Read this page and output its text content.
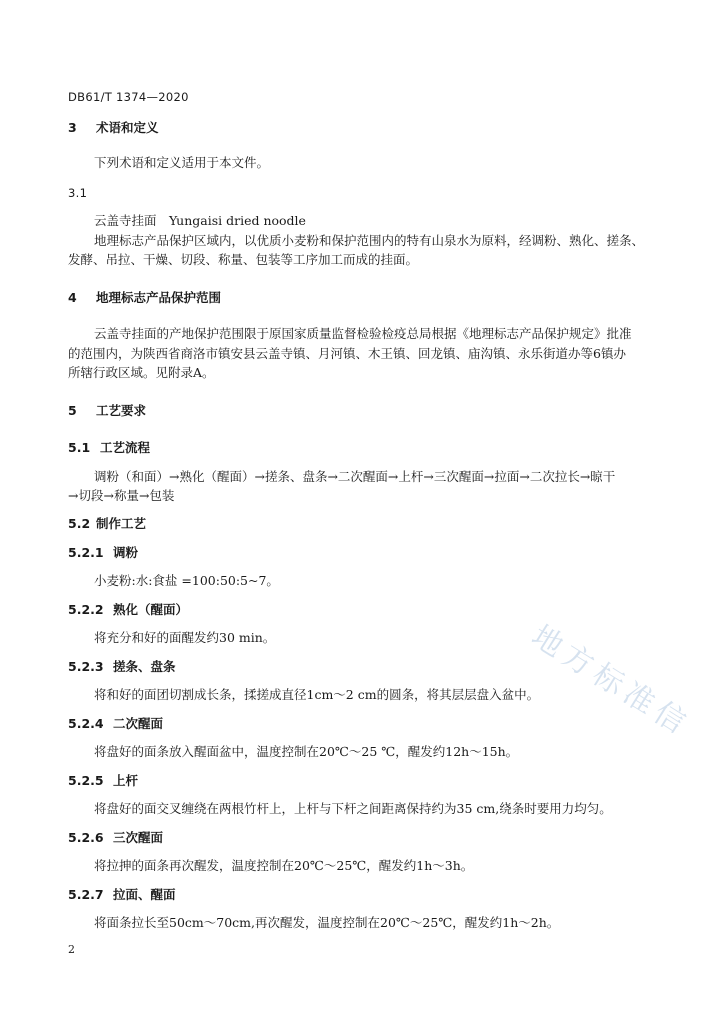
DB61/T 1374—2020
3 术语和定义
下列术语和定义适用于本文件。
3.1
云盖寺挂面　Yungaisi dried noodle
地理标志产品保护区域内，以优质小麦粉和保护范围内的特有山泉水为原料，经调粉、熟化、搓条、
发酵、吊拉、干燥、切段、称量、包装等工序加工而成的挂面。
4 地理标志产品保护范围
云盖寺挂面的产地保护范围限于原国家质量监督检验检疫总局根据《地理标志产品保护规定》批准
的范围内，为陕西省商洛市镇安县云盖寺镇、月河镇、木王镇、回龙镇、庙沟镇、永乐街道办等6镇办
所辖行政区域。见附录A。
5 工艺要求
5.1 工艺流程
调粉（和面）→熟化（醒面）→搓条、盘条→二次醒面→上杆→三次醒面→拉面→二次拉长→晾干
→切段→称量→包装
5.2 制作工艺
5.2.1 调粉
小麦粉:水:食盐 =100:50:5~7。
5.2.2 熟化（醒面）
将充分和好的面醒发约30 min。
5.2.3 搓条、盘条
将和好的面团切割成长条，揉搓成直径1cm～2 cm的圆条，将其层层盘入盆中。
5.2.4 二次醒面
将盘好的面条放入醒面盆中，温度控制在20℃～25 ℃，醒发约12h～15h。
5.2.5 上杆
将盘好的面交叉缠绕在两根竹杆上，上杆与下杆之间距离保持约为35 cm,绕条时要用力均匀。
5.2.6 三次醒面
将拉抻的面条再次醒发，温度控制在20℃～25℃，醒发约1h～3h。
5.2.7 拉面、醒面
将面条拉长至50cm～70cm,再次醒发，温度控制在20℃～25℃，醒发约1h～2h。
2
地方标准信
